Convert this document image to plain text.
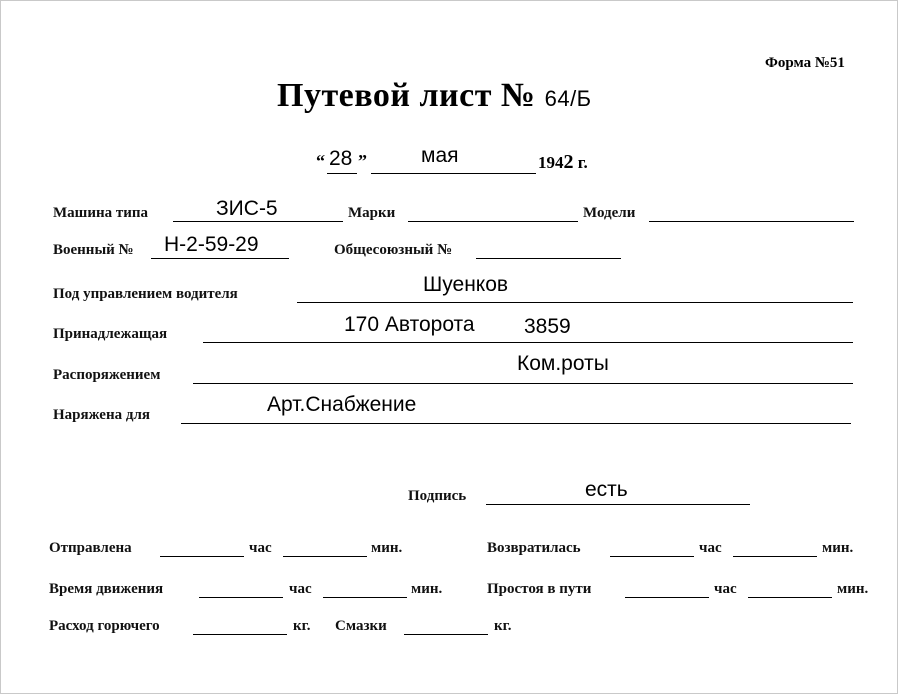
Форма №51
Путевой лист № 64/Б
“ 28 ”	мая	1942 г.
Машина типа	ЗИС-5	Марки	Модели
Военный № Н-2-59-29	Общесоюзный №
Под управлением водителя	Шуенков
Принадлежащая	170 Авторота 3859
Распоряжением	Ком.роты
Наряжена для	Арт.Снабжение
Подпись	есть
Отправлена	час	мин.	Возвратилась	час	мин.
Время движения	час	мин.	Простоя в пути	час	мин.
Расход горючего	кг. Смазки	кг.
